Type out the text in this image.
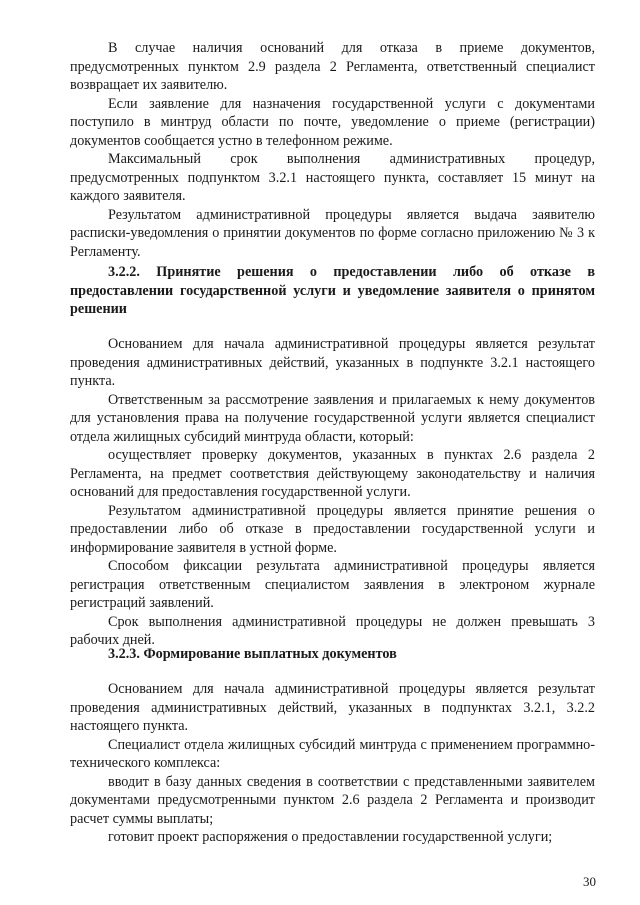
В случае наличия оснований для отказа в приеме документов, предусмотренных пунктом 2.9 раздела 2 Регламента, ответственный специалист возвращает их заявителю.

Если заявление для назначения государственной услуги с документами поступило в минтруд области по почте, уведомление о приеме (регистрации) документов сообщается устно в телефонном режиме.

Максимальный срок выполнения административных процедур, предусмотренных подпунктом 3.2.1 настоящего пункта, составляет 15 минут на каждого заявителя.

Результатом административной процедуры является выдача заявителю расписки-уведомления о принятии документов по форме согласно приложению № 3 к Регламенту.

3.2.2. Принятие решения о предоставлении либо об отказе в предоставлении государственной услуги и уведомление заявителя о принятом решении

Основанием для начала административной процедуры является результат проведения административных действий, указанных в подпункте 3.2.1 настоящего пункта.

Ответственным за рассмотрение заявления и прилагаемых к нему документов для установления права на получение государственной услуги является специалист отдела жилищных субсидий минтруда области, который:

осуществляет проверку документов, указанных в пунктах 2.6 раздела 2 Регламента, на предмет соответствия действующему законодательству и наличия оснований для предоставления государственной услуги.

Результатом административной процедуры является принятие решения о предоставлении либо об отказе в предоставлении государственной услуги и информирование заявителя в устной форме.

Способом фиксации результата административной процедуры является регистрация ответственным специалистом заявления в электроном журнале регистраций заявлений.

Срок выполнения административной процедуры не должен превышать 3 рабочих дней.

3.2.3. Формирование выплатных документов

Основанием для начала административной процедуры является результат проведения административных действий, указанных в подпунктах 3.2.1, 3.2.2 настоящего пункта.

Специалист отдела жилищных субсидий минтруда с применением программно-технического комплекса:

вводит в базу данных сведения в соответствии с представленными заявителем документами предусмотренными пунктом 2.6 раздела 2 Регламента и производит расчет суммы выплаты;

готовит проект распоряжения о предоставлении государственной услуги;

30
